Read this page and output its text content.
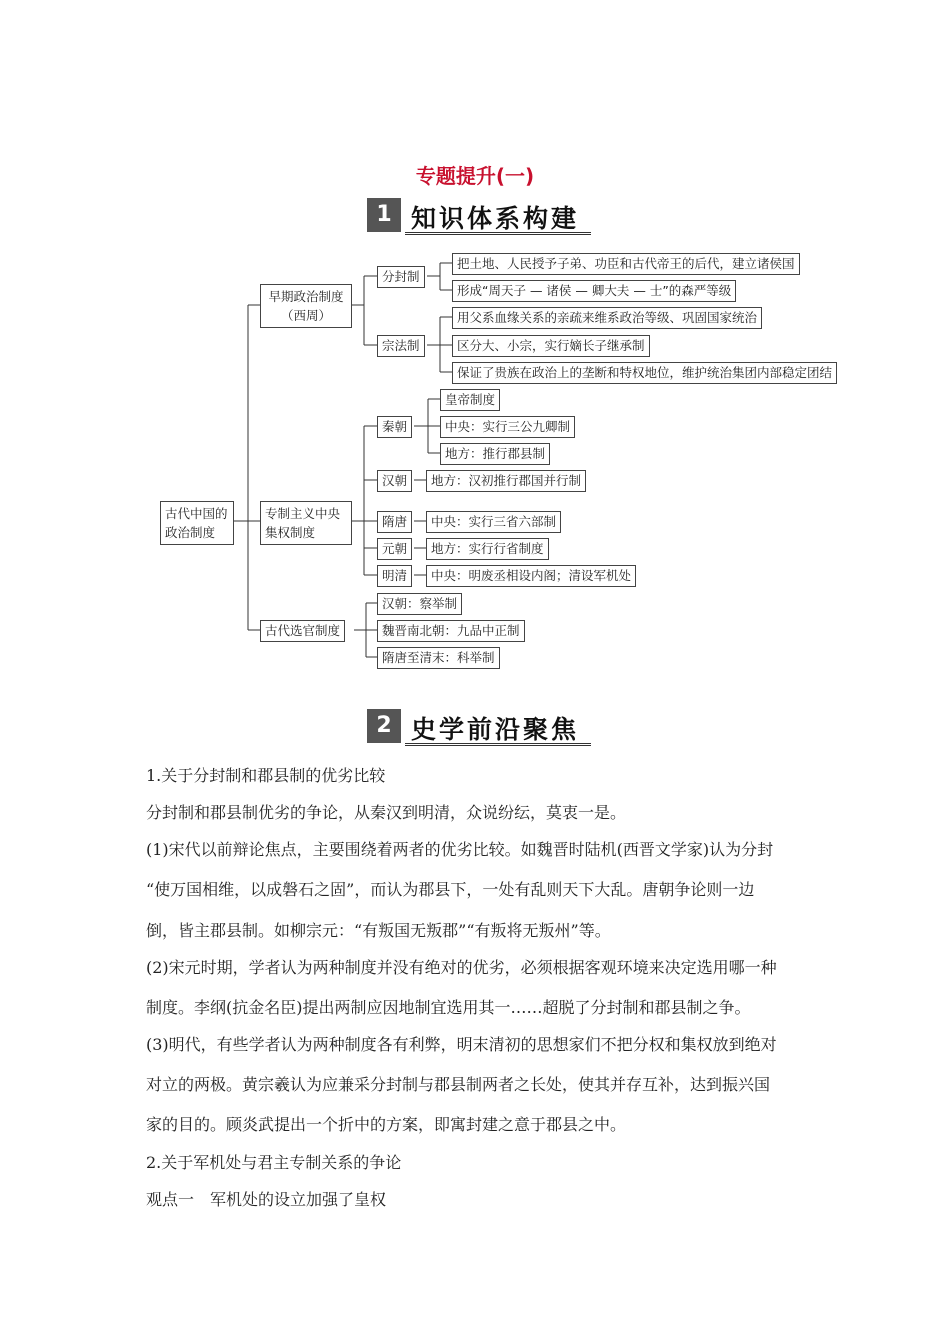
专题提升(一)
1 知识体系构建
古代中国的政治制度
早期政治制度
（西周）
专制主义中央集权制度
古代选官制度
分封制
宗法制
把土地、人民授予子弟、功臣和古代帝王的后代，建立诸侯国
形成“周天子 — 诸侯 — 卿大夫 — 士”的森严等级
用父系血缘关系的亲疏来维系政治等级、巩固国家统治
区分大、小宗，实行嫡长子继承制
保证了贵族在政治上的垄断和特权地位，维护统治集团内部稳定团结
秦朝
汉朝
隋唐
元朝
明清
皇帝制度
中央：实行三公九卿制
地方：推行郡县制
地方：汉初推行郡国并行制
中央：实行三省六部制
地方：实行行省制度
中央：明废丞相设内阁；清设军机处
汉朝：察举制
魏晋南北朝：九品中正制
隋唐至清末：科举制
2 史学前沿聚焦
1.关于分封制和郡县制的优劣比较
分封制和郡县制优劣的争论，从秦汉到明清，众说纷纭，莫衷一是。
(1)宋代以前辩论焦点，主要围绕着两者的优劣比较。如魏晋时陆机(西晋文学家)认为分封
“使万国相维，以成磐石之固”，而认为郡县下，一处有乱则天下大乱。唐朝争论则一边
倒，皆主郡县制。如柳宗元：“有叛国无叛郡”“有叛将无叛州”等。
(2)宋元时期，学者认为两种制度并没有绝对的优劣，必须根据客观环境来决定选用哪一种
制度。李纲(抗金名臣)提出两制应因地制宜选用其一……超脱了分封制和郡县制之争。
(3)明代，有些学者认为两种制度各有利弊，明末清初的思想家们不把分权和集权放到绝对
对立的两极。黄宗羲认为应兼采分封制与郡县制两者之长处，使其并存互补，达到振兴国
家的目的。顾炎武提出一个折中的方案，即寓封建之意于郡县之中。
2.关于军机处与君主专制关系的争论
观点一　军机处的设立加强了皇权
